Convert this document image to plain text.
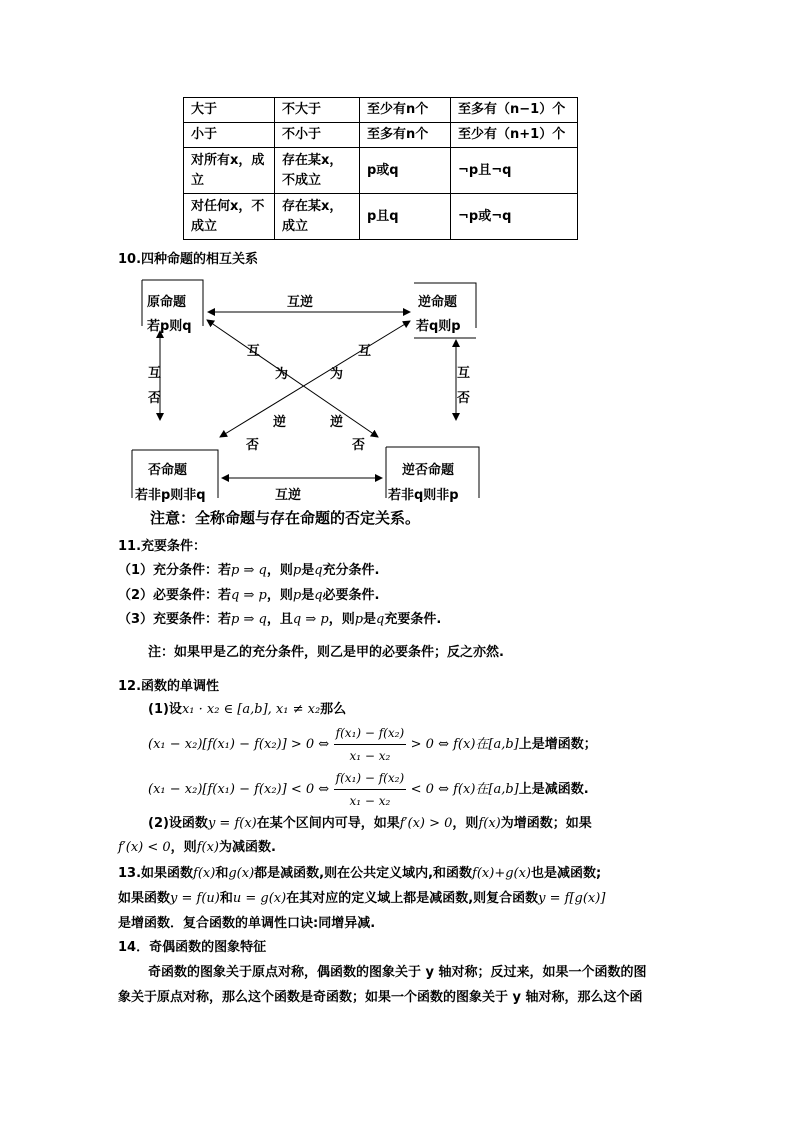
大于	不大于	至少有n个	至多有（n−1）个
小于	不小于	至多有n个	至少有（n+1）个
对所有x，成立	存在某x，不成立	p或q	¬p且¬q
对任何x，不成立	存在某x，成立	p且q	¬p或¬q
10.四种命题的相互关系
原命题
若p则q
逆命题
若q则p
否命题
若非p则非q
逆否命题
若非q则非p
互逆
互逆
互
否
互
否
互
为
互
为
逆
否
逆
否
注意：全称命题与存在命题的否定关系。
11.充要条件：
（1）充分条件：若p ⇒ q，则p是q充分条件.
（2）必要条件：若q ⇒ p，则p是q必要条件.
（3）充要条件：若p ⇒ q，且q ⇒ p，则p是q充要条件.
注：如果甲是乙的充分条件，则乙是甲的必要条件；反之亦然.
12.函数的单调性
(1)设x₁ · x₂ ∈ [a,b], x₁ ≠ x₂那么
(x₁ − x₂)[f(x₁) − f(x₂)] > 0 ⇔ $\frac{\text{f(x₁) − f(x₂)}}{\text{x₁ − x₂}} > 0$ ⇔ f(x)在[a,b]上是增函数；
(x₁ − x₂)[f(x₁) − f(x₂)] < 0 ⇔ $\frac{\text{f(x₁) − f(x₂)}}{\text{x₁ − x₂}} < 0$ ⇔ f(x)在[a,b]上是减函数.
(2)设函数y = f(x)在某个区间内可导，如果f′(x) > 0，则f(x)为增函数；如果
f′(x) < 0，则f(x)为减函数.
13.如果函数f(x)和g(x)都是减函数,则在公共定义域内,和函数f(x)+g(x)也是减函数;
如果函数y = f(u)和u = g(x)在其对应的定义域上都是减函数,则复合函数y = f[g(x)]
是增函数．复合函数的单调性口诀:同增异减.
14．奇偶函数的图象特征
奇函数的图象关于原点对称，偶函数的图象关于 y 轴对称；反过来，如果一个函数的图
象关于原点对称，那么这个函数是奇函数；如果一个函数的图象关于 y 轴对称，那么这个函
